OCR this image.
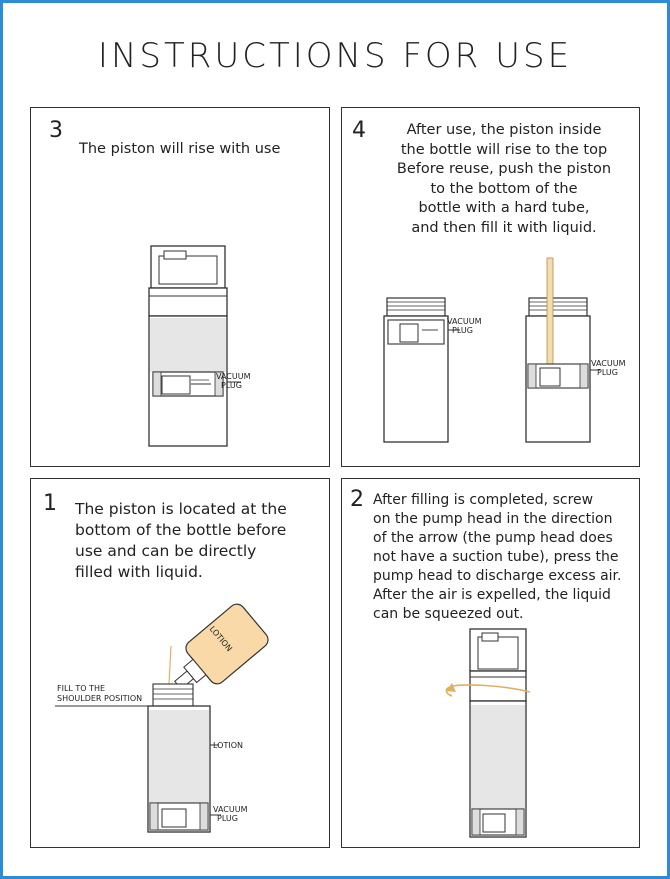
INSTRUCTIONS FOR USE
3
The piston will rise with use
VACUUM
PLUG
4	After use, the piston inside
the bottle will rise to the top
Before reuse, push the piston
to the bottom of the
bottle with a hard tube,
and then fill it with liquid.
VACUUM
PLUG
VACUUM
PLUG
1 The piston is located at the
bottom of the bottle before
use and can be directly
filled with liquid.
LOTION
FILL TO THE
SHOULDER POSITION
LOTION
VACUUM
PLUG
2 After filling is completed, screw
on the pump head in the direction
of the arrow (the pump head does
not have a suction tube), press the
pump head to discharge excess air.
After the air is expelled, the liquid
can be squeezed out.
